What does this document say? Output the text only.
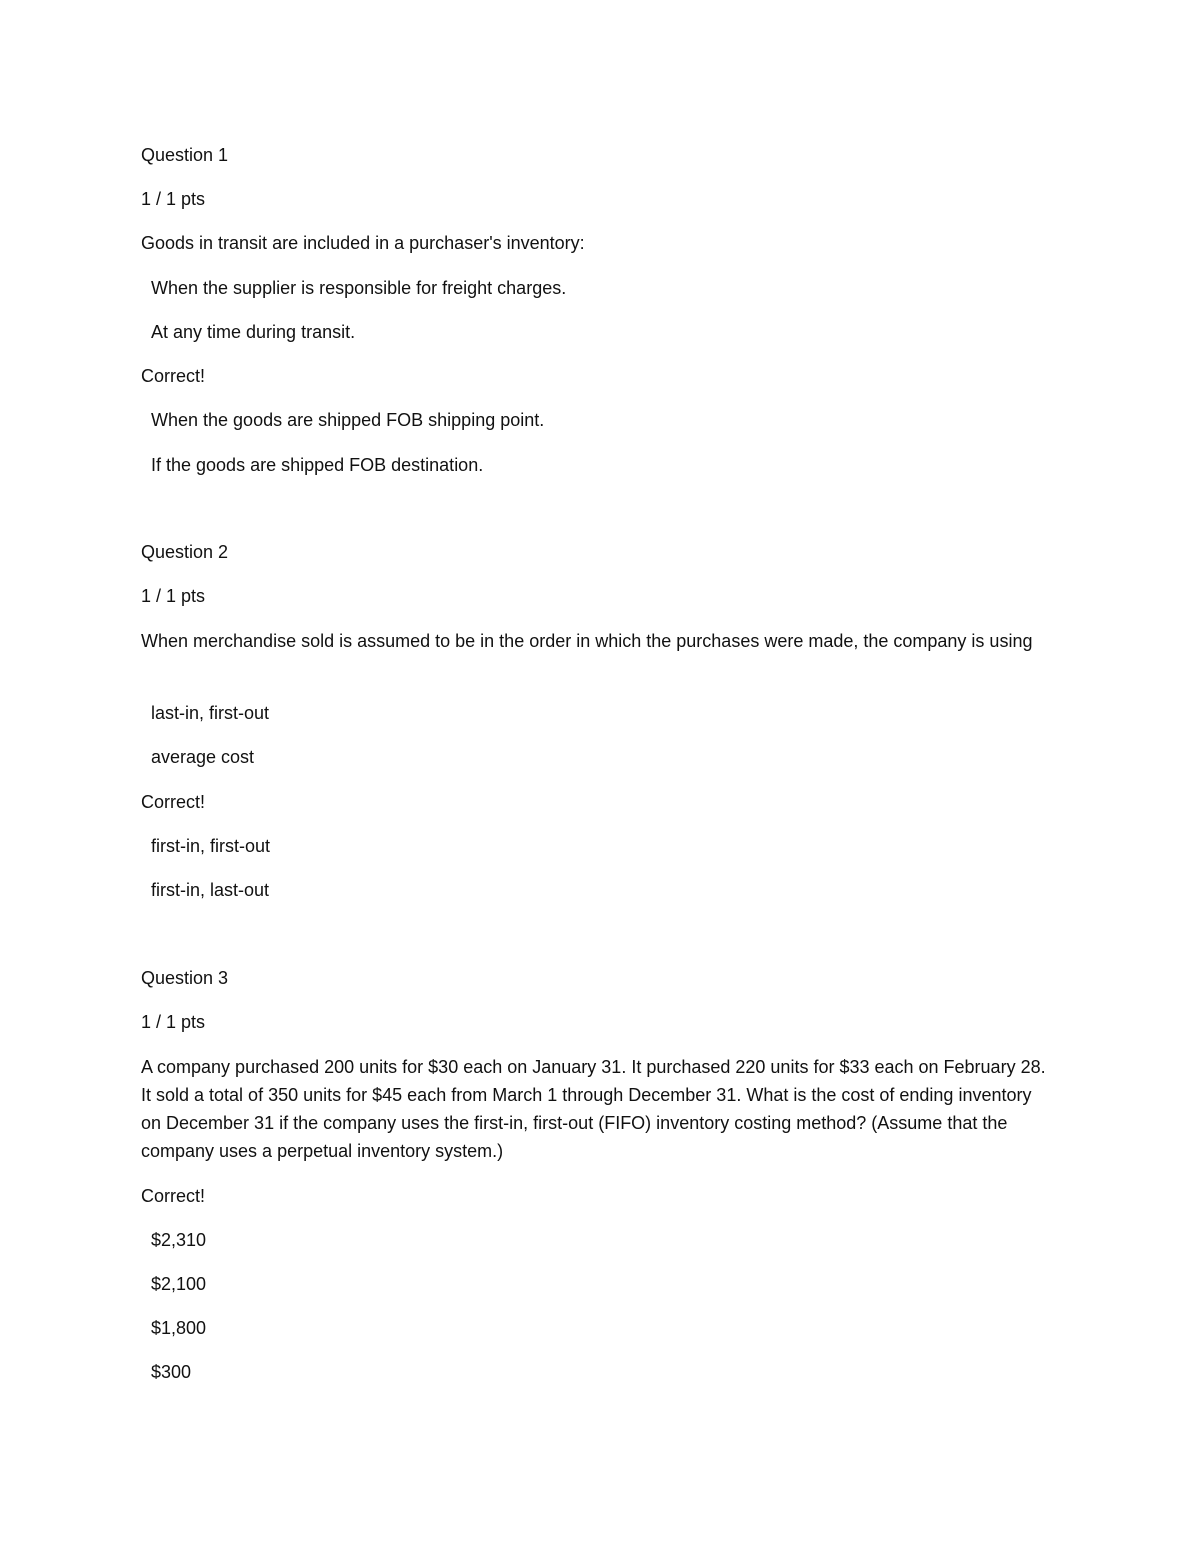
Question 1
1 / 1 pts
Goods in transit are included in a purchaser's inventory:
When the supplier is responsible for freight charges.
At any time during transit.
Correct!
When the goods are shipped FOB shipping point.
If the goods are shipped FOB destination.
Question 2
1 / 1 pts
When merchandise sold is assumed to be in the order in which the purchases were made, the company is using
last-in, first-out
average cost
Correct!
first-in, first-out
first-in, last-out
Question 3
1 / 1 pts
A company purchased 200 units for $30 each on January 31. It purchased 220 units for $33 each on February 28. It sold a total of 350 units for $45 each from March 1 through December 31. What is the cost of ending inventory on December 31 if the company uses the first-in, first-out (FIFO) inventory costing method? (Assume that the company uses a perpetual inventory system.)
Correct!
$2,310
$2,100
$1,800
$300
